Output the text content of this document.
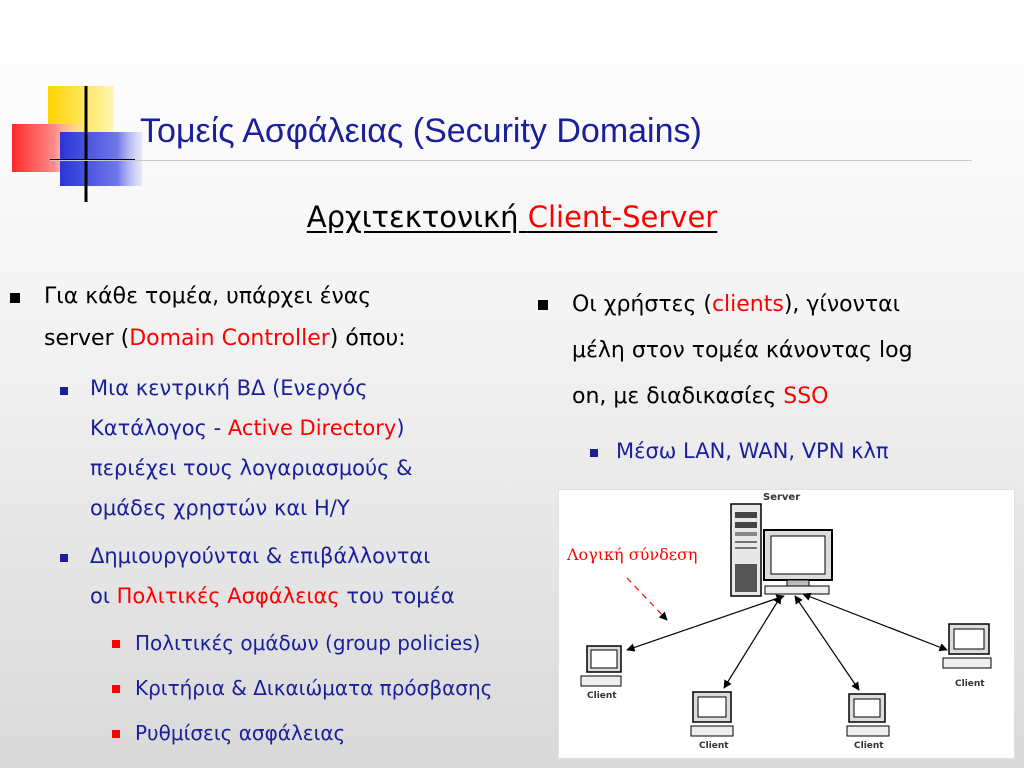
Τομείς Ασφάλειας (Security Domains)
Αρχιτεκτονική Client-Server
Για κάθε τομέα, υπάρχει ένας
server (Domain Controller) όπου:
Μια κεντρική ΒΔ (Ενεργός
Κατάλογος - Active Directory)
περιέχει τους λογαριασμούς &
ομάδες χρηστών και Η/Υ
Δημιουργούνται & επιβάλλονται
οι Πολιτικές Ασφάλειας του τομέα
Πολιτικές ομάδων (group policies)
Κριτήρια & Δικαιώματα πρόσβασης
Ρυθμίσεις ασφάλειας
Οι χρήστες (clients), γίνονται
μέλη στον τομέα κάνοντας log
on, με διαδικασίες SSO
Μέσω LAN, WAN, VPN κλπ
Server
Λογική σύνδεση
Client
Client	Client
Client
